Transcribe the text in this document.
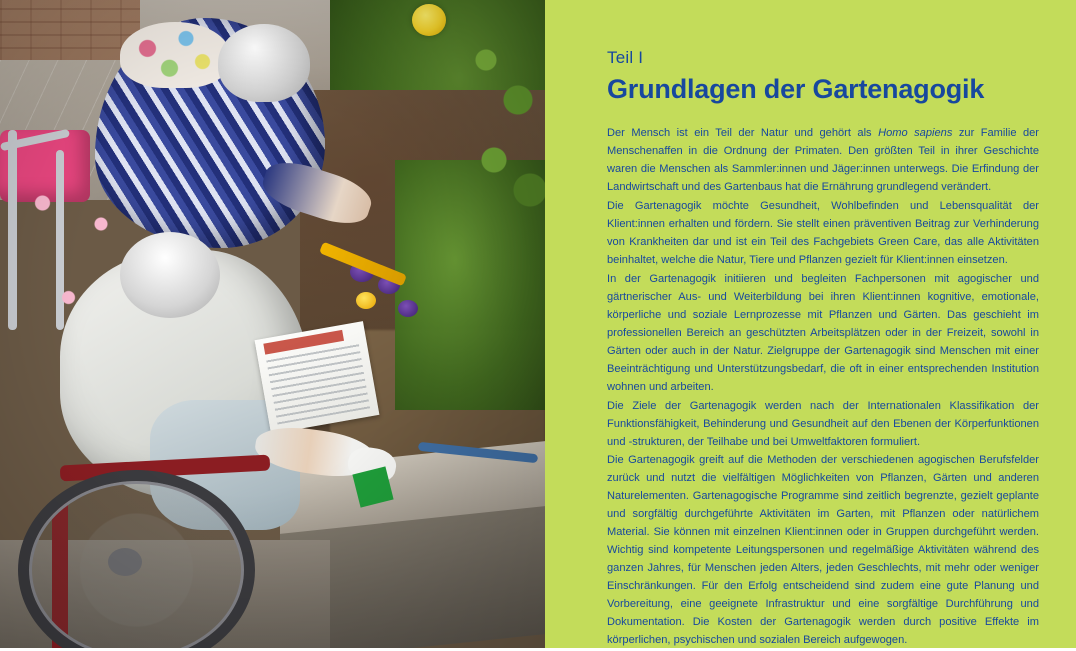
Teil I
Grundlagen der Gartenagogik

Der Mensch ist ein Teil der Natur und gehört als Homo sapiens zur Familie der Menschenaffen in die Ordnung der Primaten. Den größten Teil in ihrer Geschichte waren die Menschen als Sammler:innen und Jäger:innen unterwegs. Die Erfindung der Landwirtschaft und des Gartenbaus hat die Ernährung grundlegend verändert.

Die Gartenagogik möchte Gesundheit, Wohlbefinden und Lebensqualität der Klient:innen erhalten und fördern. Sie stellt einen präventiven Beitrag zur Verhinderung von Krankheiten dar und ist ein Teil des Fachgebiets Green Care, das alle Aktivitäten beinhaltet, welche die Natur, Tiere und Pflanzen gezielt für Klient:innen einsetzen.

In der Gartenagogik initiieren und begleiten Fachpersonen mit agogischer und gärtnerischer Aus- und Weiterbildung bei ihren Klient:innen kognitive, emotionale, körperliche und soziale Lernprozesse mit Pflanzen und Gärten. Das geschieht im professionellen Bereich an geschützten Arbeitsplätzen oder in der Freizeit, sowohl in Gärten oder auch in der Natur. Zielgruppe der Gartenagogik sind Menschen mit einer Beeinträchtigung und Unterstützungsbedarf, die oft in einer entsprechenden Institution wohnen und arbeiten.

Die Ziele der Gartenagogik werden nach der Internationalen Klassifikation der Funktionsfähigkeit, Behinderung und Gesundheit auf den Ebenen der Körperfunktionen und -strukturen, der Teilhabe und bei Umweltfaktoren formuliert.

Die Gartenagogik greift auf die Methoden der verschiedenen agogischen Berufsfelder zurück und nutzt die vielfältigen Möglichkeiten von Pflanzen, Gärten und anderen Naturelementen. Gartenagogische Programme sind zeitlich begrenzte, gezielt geplante und sorgfältig durchgeführte Aktivitäten im Garten, mit Pflanzen oder natürlichem Material. Sie können mit einzelnen Klient:innen oder in Gruppen durchgeführt werden. Wichtig sind kompetente Leitungspersonen und regelmäßige Aktivitäten während des ganzen Jahres, für Menschen jeden Alters, jeden Geschlechts, mit mehr oder weniger Einschränkungen. Für den Erfolg entscheidend sind zudem eine gute Planung und Vorbereitung, eine geeignete Infrastruktur und eine sorgfältige Durchführung und Dokumentation. Die Kosten der Gartenagogik werden durch positive Effekte im körperlichen, psychischen und sozialen Bereich aufgewogen.
